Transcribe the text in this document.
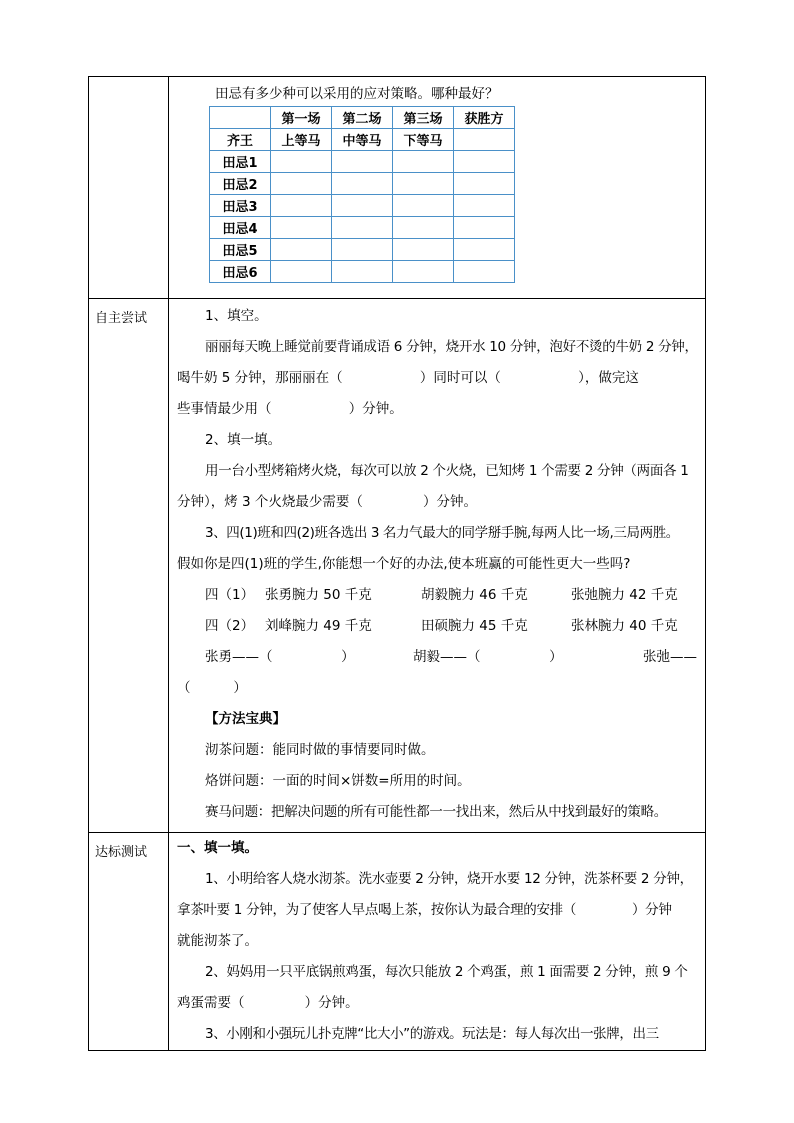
田忌有多少种可以采用的应对策略。哪种最好？
	第一场	第二场	第三场	获胜方
齐王	上等马	中等马	下等马	
田忌1				
田忌2				
田忌3				
田忌4				
田忌5				
田忌6				

自主尝试	1、填空。

丽丽每天晚上睡觉前要背诵成语 6 分钟，烧开水 10 分钟，泡好不烫的牛奶 2 分钟，

喝牛奶 5 分钟，那丽丽在（                  ）同时可以（                  ），做完这

些事情最少用（                  ）分钟。

2、填一填。

用一台小型烤箱烤火烧，每次可以放 2 个火烧，已知烤 1 个需要 2 分钟（两面各 1

分钟），烤 3 个火烧最少需要（              ）分钟。

3、四(1)班和四(2)班各选出 3 名力气最大的同学掰手腕,每两人比一场,三局两胜。

假如你是四(1)班的学生,你能想一个好的办法,使本班赢的可能性更大一些吗?

四（1） 张勇腕力 50 千克	胡毅腕力 46 千克	张弛腕力 42 千克
四（2） 刘峰腕力 49 千克	田硕腕力 45 千克	张林腕力 40 千克
张勇——（                ）	胡毅——（                ）	张弛——

（          ）

【方法宝典】

沏茶问题：能同时做的事情要同时做。

烙饼问题：一面的时间×饼数=所用的时间。

赛马问题：把解决问题的所有可能性都一一找出来，然后从中找到最好的策略。

达标测试	一、填一填。

1、小明给客人烧水沏茶。洗水壶要 2 分钟，烧开水要 12 分钟，洗茶杯要 2 分钟，

拿茶叶要 1 分钟，为了使客人早点喝上茶，按你认为最合理的安排（              ）分钟

就能沏茶了。

2、妈妈用一只平底锅煎鸡蛋，每次只能放 2 个鸡蛋，煎 1 面需要 2 分钟，煎 9 个

鸡蛋需要（              ）分钟。

3、小刚和小强玩儿扑克牌“比大小”的游戏。玩法是：每人每次出一张牌，出三
